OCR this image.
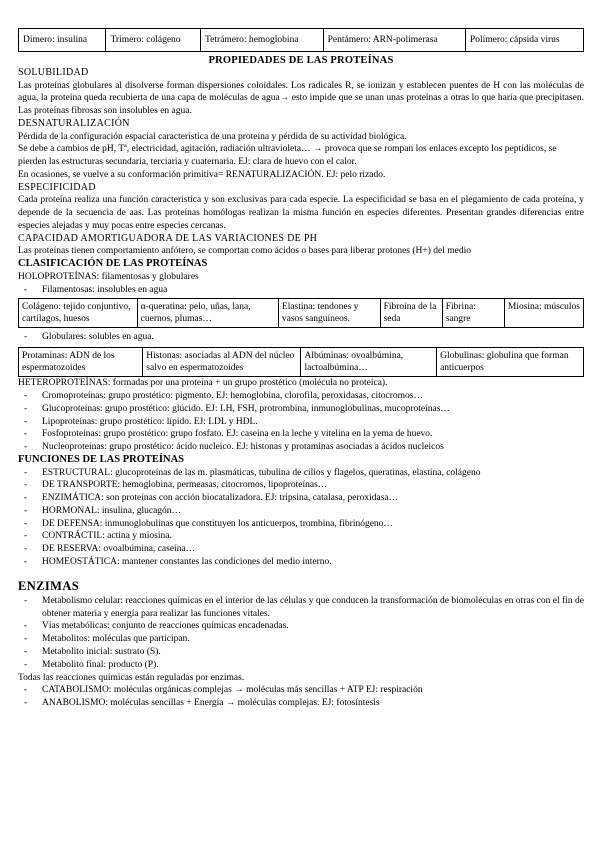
Dímero: insulina	Trímero: colágeno	Tetrámero: hemoglobina	Pentámero: ARN-polimerasa	Polímero: cápsida virus
PROPIEDADES DE LAS PROTEÍNAS
SOLUBILIDAD

Las proteínas globulares al disolverse forman dispersiones coloidales. Los radicales R, se ionizan y establecen puentes de H con las moléculas de agua, la proteína queda recubierta de una capa de moléculas de agua→ esto impide que se unan unas proteínas a otras lo que haría que precipitasen. Las proteínas fibrosas son insolubles en agua.

DESNATURALIZACIÓN

Pérdida de la configuración espacial característica de una proteína y pérdida de su actividad biológica.

Se debe a cambios de pH, Tª, electricidad, agitación, radiación ultravioleta… → provoca que se rompan los enlaces excepto los peptídicos, se pierden las estructuras secundaria, terciaria y cuaternaria. EJ: clara de huevo con el calor.

En ocasiones, se vuelve a su conformación primitiva= RENATURALIZACIÓN. EJ: pelo rizado.

ESPECIFICIDAD

Cada proteína realiza una función característica y son exclusivas para cada especie. La especificidad se basa en el plegamiento de cada proteína, y depende de la secuencia de aas. Las proteínas homólogas realizan la misma función en especies diferentes. Presentan grandes diferencias entre especies alejadas y muy pocas entre especies cercanas.

CAPACIDAD AMORTIGUADORA DE LAS VARIACIONES DE PH

Las proteínas tienen comportamiento anfótero, se comportan como ácidos o bases para liberar protones (H+) del medio

CLASIFICACIÓN DE LAS PROTEÍNAS

HOLOPROTEÍNAS: filamentosas y globulares

- Filamentosas: insolubles en agua
Colágeno: tejido conjuntivo, cartílagos, huesos	α-queratina: pelo, uñas, lana, cuernos, plumas…	Elastina: tendones y vasos sanguíneos.	Fibroína de la seda	Fibrina: sangre	Miosina: músculos
- Globulares: solubles en agua.
Protaminas: ADN de los espermatozoides	Histonas: asociadas al ADN del núcleo salvo en espermatozoides	Albúminas: ovoalbúmina, lactoalbúmina…	Globulinas: globulina que forman anticuerpos

HETEROPROTEÍNAS: formadas por una proteína + un grupo prostético (molécula no proteica).

- Cromoproteínas: grupo prostético: pigmento. EJ: hemoglobina, clorofila, peroxidasas, citocromos…
- Glucoproteínas: grupo prostético: glúcido. EJ: LH, FSH, protrombina, inmunoglobulinas, mucoproteínas…
- Lipoproteínas: grupo prostético: lípido. EJ: LDL y HDL.
- Fosfoproteínas: grupo prostético: grupo fosfato. EJ: caseína en la leche y vitelina en la yema de huevo.
- Nucleoproteínas: grupo prostético: ácido nucleico. EJ: histonas y protaminas asociadas a ácidos nucleicos
FUNCIONES DE LAS PROTEÍNAS
- ESTRUCTURAL: glucoproteínas de las m. plasmáticas, tubulina de cilios y flagelos, queratinas, elastina, colágeno
- DE TRANSPORTE: hemoglobina, permeasas, citocromos, lipoproteínas…
- ENZIMÁTICA: son proteínas con acción biocatalizadora. EJ: tripsina, catalasa, peroxidasa…
- HORMONAL: insulina, glucagón…
- DE DEFENSA: inmunoglobulinas que constituyen los anticuerpos, trombina, fibrinógeno…
- CONTRÁCTIL: actina y miosina.
- DE RESERVA: ovoalbúmina, caseína…
- HOMEOSTÁTICA: mantener constantes las condiciones del medio interno.
ENZIMAS
- Metabolismo celular: reacciones químicas en el interior de las células y que conducen la transformación de biomoléculas en otras con el fin de obtener materia y energía para realizar las funciones vitales.
- Vías metabólicas: conjunto de reacciones químicas encadenadas.
- Metabolitos: moléculas que participan.
- Metabolito inicial: sustrato (S).
- Metabolito final: producto (P).

Todas las reacciones químicas están reguladas por enzimas.

- CATABOLISMO: moléculas orgánicas complejas → moléculas más sencillas + ATP EJ: respiración
- ANABOLISMO: moléculas sencillas + Energía → moléculas complejas. EJ: fotosíntesis
